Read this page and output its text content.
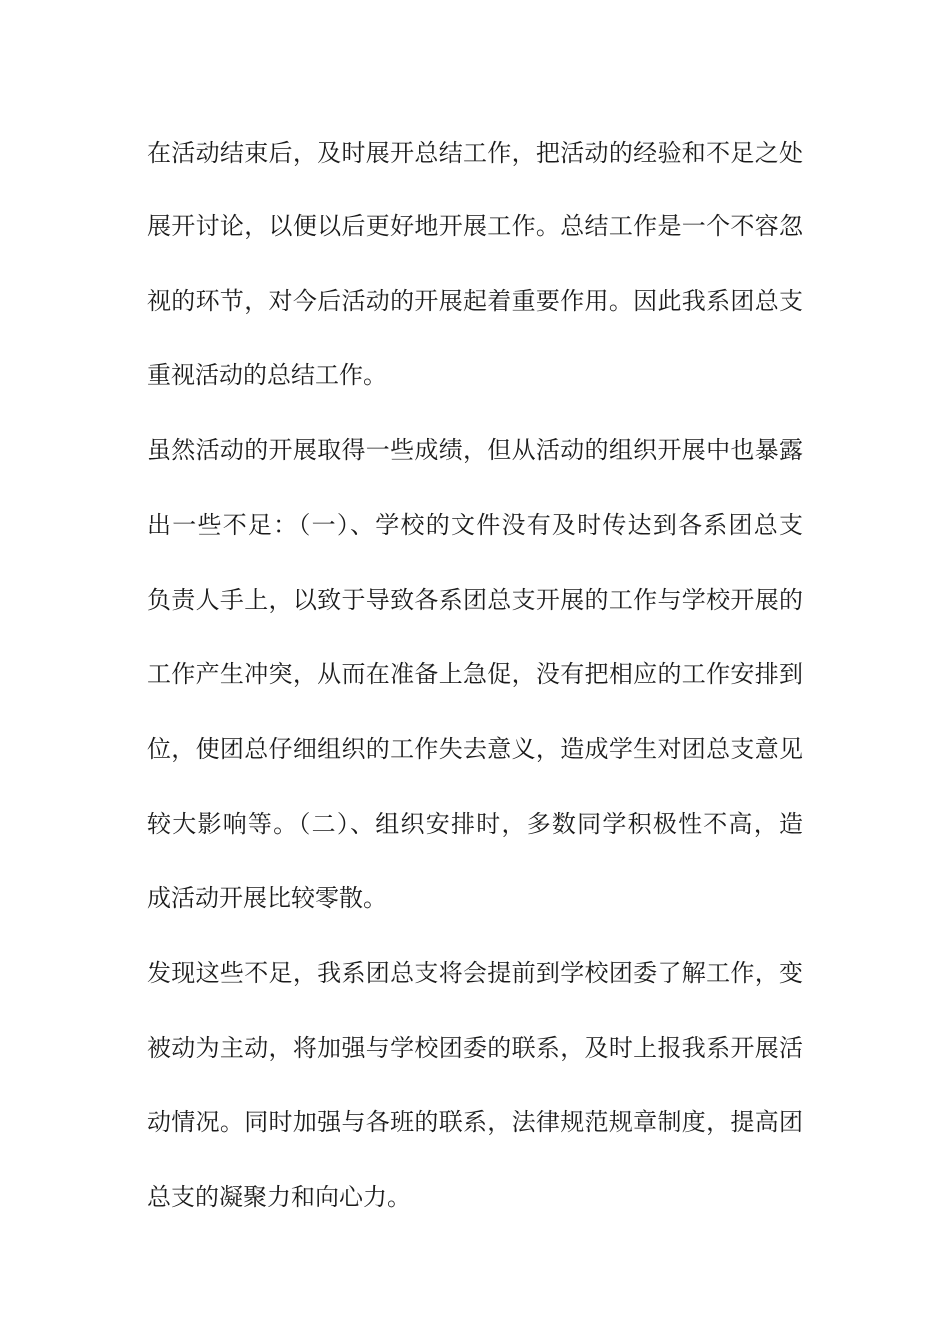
在活动结束后，及时展开总结工作，把活动的经验和不足之处
展开讨论，以便以后更好地开展工作。总结工作是一个不容忽
视的环节，对今后活动的开展起着重要作用。因此我系团总支
重视活动的总结工作。
虽然活动的开展取得一些成绩，但从活动的组织开展中也暴露
出一些不足：（一）、学校的文件没有及时传达到各系团总支
负责人手上，以致于导致各系团总支开展的工作与学校开展的
工作产生冲突，从而在准备上急促，没有把相应的工作安排到
位，使团总仔细组织的工作失去意义，造成学生对团总支意见
较大影响等。（二）、组织安排时，多数同学积极性不高，造
成活动开展比较零散。
发现这些不足，我系团总支将会提前到学校团委了解工作，变
被动为主动，将加强与学校团委的联系，及时上报我系开展活
动情况。同时加强与各班的联系，法律规范规章制度，提高团
总支的凝聚力和向心力。
